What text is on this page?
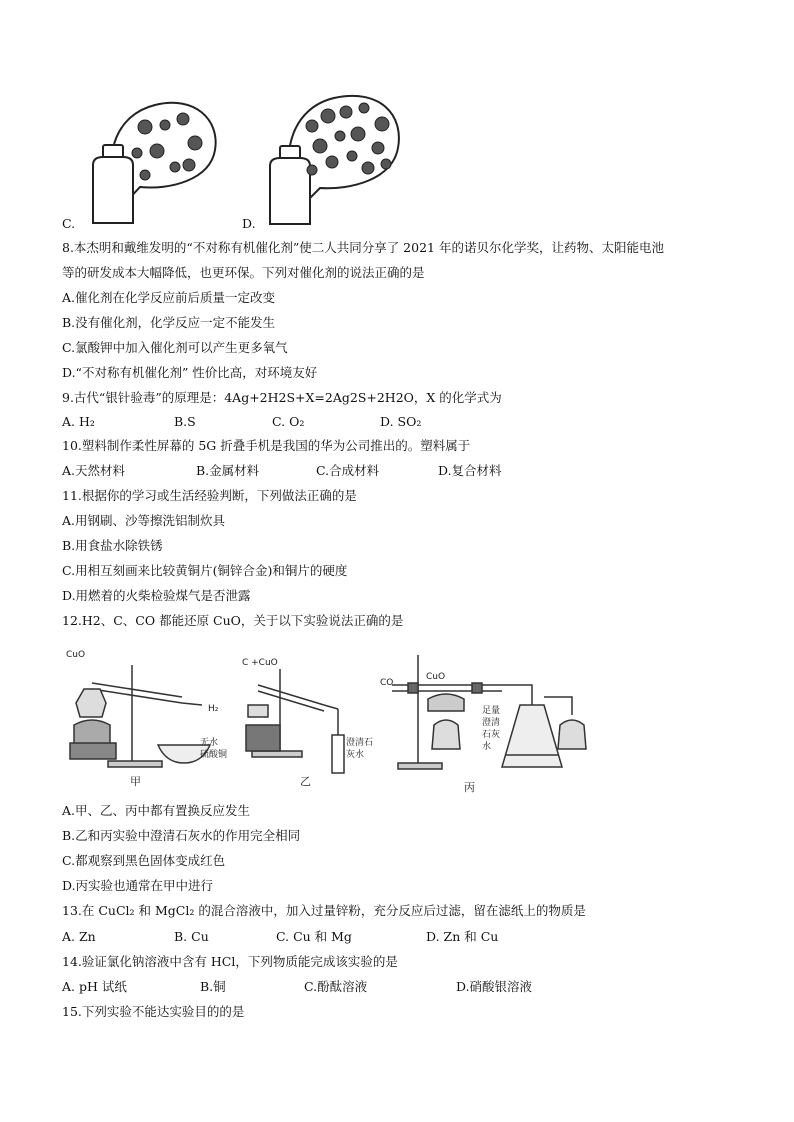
C.	D.
8.本杰明和戴维发明的“不对称有机催化剂”使二人共同分享了 2021 年的诺贝尔化学奖，让药物、太阳能电池
等的研发成本大幅降低，也更环保。下列对催化剂的说法正确的是
A.催化剂在化学反应前后质量一定改变
B.没有催化剂，化学反应一定不能发生
C.氯酸钾中加入催化剂可以产生更多氧气
D.“不对称有机催化剂” 性价比高，对环境友好
9.古代“银针验毒”的原理是：4Ag+2H2S+X=2Ag2S+2H2O，X 的化学式为
A. H₂	B.S	C. O₂	D. SO₂
10.塑料制作柔性屏幕的 5G 折叠手机是我国的华为公司推出的。塑料属于
A.天然材料	B.金属材料	C.合成材料	D.复合材料
11.根据你的学习或生活经验判断，下列做法正确的是
A.用钢刷、沙等擦洗铝制炊具
B.用食盐水除铁锈
C.用相互刻画来比较黄铜片(铜锌合金)和铜片的硬度
D.用燃着的火柴检验煤气是否泄露
12.H2、C、CO 都能还原 CuO，关于以下实验说法正确的是
CuO
H₂
无水
硫酸铜
甲
C +CuO
澄清石
灰水
乙
CO
CuO
足量
澄清
石灰
水
丙
A.甲、乙、丙中都有置换反应发生
B.乙和丙实验中澄清石灰水的作用完全相同
C.都观察到黑色固体变成红色
D.丙实验也通常在甲中进行
13.在 CuCl₂ 和 MgCl₂ 的混合溶液中，加入过量锌粉，充分反应后过滤，留在滤纸上的物质是
A. Zn	B. Cu	C. Cu 和 Mg	D. Zn 和 Cu
14.验证氯化钠溶液中含有 HCl，下列物质能完成该实验的是
A. pH 试纸	B.铜	C.酚酞溶液	D.硝酸银溶液
15.下列实验不能达实验目的的是
